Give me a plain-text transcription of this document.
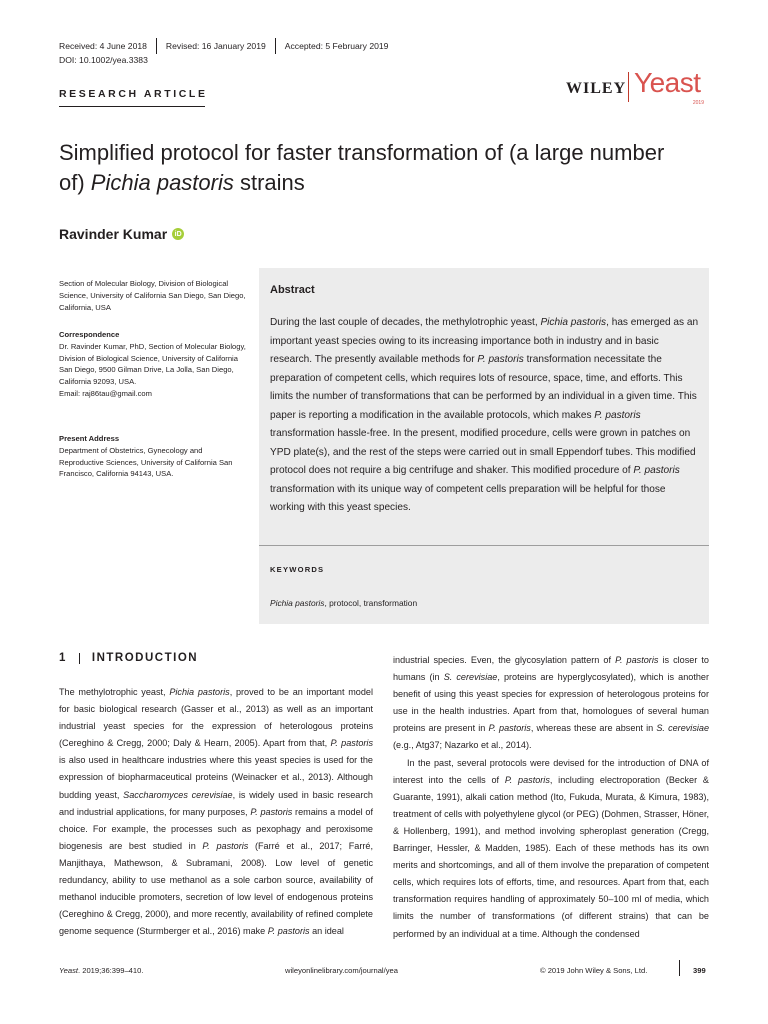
Received: 4 June 2018 Revised: 16 January 2019 Accepted: 5 February 2019
DOI: 10.1002/yea.3383
RESEARCH ARTICLE	WILEY Yeast
2019
Simplified protocol for faster transformation of (a large number
of) Pichia pastoris strains
Ravinder Kumar	iD
Section of Molecular Biology, Division of Biological Science, University of California San Diego, San Diego, California, USA
Correspondence
Dr. Ravinder Kumar, PhD, Section of Molecular Biology, Division of Biological Science, University of California San Diego, 9500 Gilman Drive, La Jolla, San Diego, California 92093, USA.
Email: raj86tau@gmail.com
Present Address
Department of Obstetrics, Gynecology and Reproductive Sciences, University of California San Francisco, California 94143, USA.
Abstract
During the last couple of decades, the methylotrophic yeast, Pichia pastoris, has emerged as an important yeast species owing to its increasing importance both in industry and in basic research. The presently available methods for P. pastoris transformation necessitate the preparation of competent cells, which requires lots of resource, space, time, and efforts. This limits the number of transformations that can be performed by an individual in a given time. This paper is reporting a modification in the available protocols, which makes P. pastoris transformation hassle-free. In the present, modified procedure, cells were grown in patches on YPD plate(s), and the rest of the steps were carried out in small Eppendorf tubes. This modified protocol does not require a big centrifuge and shaker. This modified procedure of P. pastoris transformation with its unique way of competent cells preparation will be helpful for those working with this yeast species.
KEYWORDS
Pichia pastoris, protocol, transformation
1 INTRODUCTION

The methylotrophic yeast, Pichia pastoris, proved to be an important model for basic biological research (Gasser et al., 2013) as well as an important industrial yeast species for the expression of heterologous proteins (Cereghino & Cregg, 2000; Daly & Hearn, 2005). Apart from that, P. pastoris is also used in healthcare industries where this yeast species is used for the expression of biopharmaceutical proteins (Weinacker et al., 2013). Although budding yeast, Saccharomyces cerevisiae, is widely used in basic research and industrial applications, for many purposes, P. pastoris remains a model of choice. For example, the processes such as pexophagy and peroxisome biogenesis are best studied in P. pastoris (Farré et al., 2017; Farré, Manjithaya, Mathewson, & Subramani, 2008). Low level of genetic redundancy, ability to use methanol as a sole carbon source, availability of methanol inducible promoters, secretion of low level of endogenous proteins (Cereghino & Cregg, 2000), and more recently, availability of refined complete genome sequence (Sturmberger et al., 2016) make P. pastoris an ideal

industrial species. Even, the glycosylation pattern of P. pastoris is closer to humans (in S. cerevisiae, proteins are hyperglycosylated), which is another benefit of using this yeast species for expression of heterologous proteins for use in the health industries. Apart from that, homologues of several human proteins are present in P. pastoris, whereas these are absent in S. cerevisiae (e.g., Atg37; Nazarko et al., 2014).

In the past, several protocols were devised for the introduction of DNA of interest into the cells of P. pastoris, including electroporation (Becker & Guarante, 1991), alkali cation method (Ito, Fukuda, Murata, & Kimura, 1983), treatment of cells with polyethylene glycol (or PEG) (Dohmen, Strasser, Höner, & Hollenberg, 1991), and method involving spheroplast generation (Cregg, Barringer, Hessler, & Madden, 1985). Each of these methods has its own merits and shortcomings, and all of them involve the preparation of competent cells, which requires lots of efforts, time, and resources. Apart from that, each transformation requires handling of approximately 50–100 ml of media, which limits the number of transformations (of different strains) that can be performed by an individual at a time. Although the condensed

Yeast. 2019;36:399–410.	wileyonlinelibrary.com/journal/yea	© 2019 John Wiley & Sons, Ltd.	399
